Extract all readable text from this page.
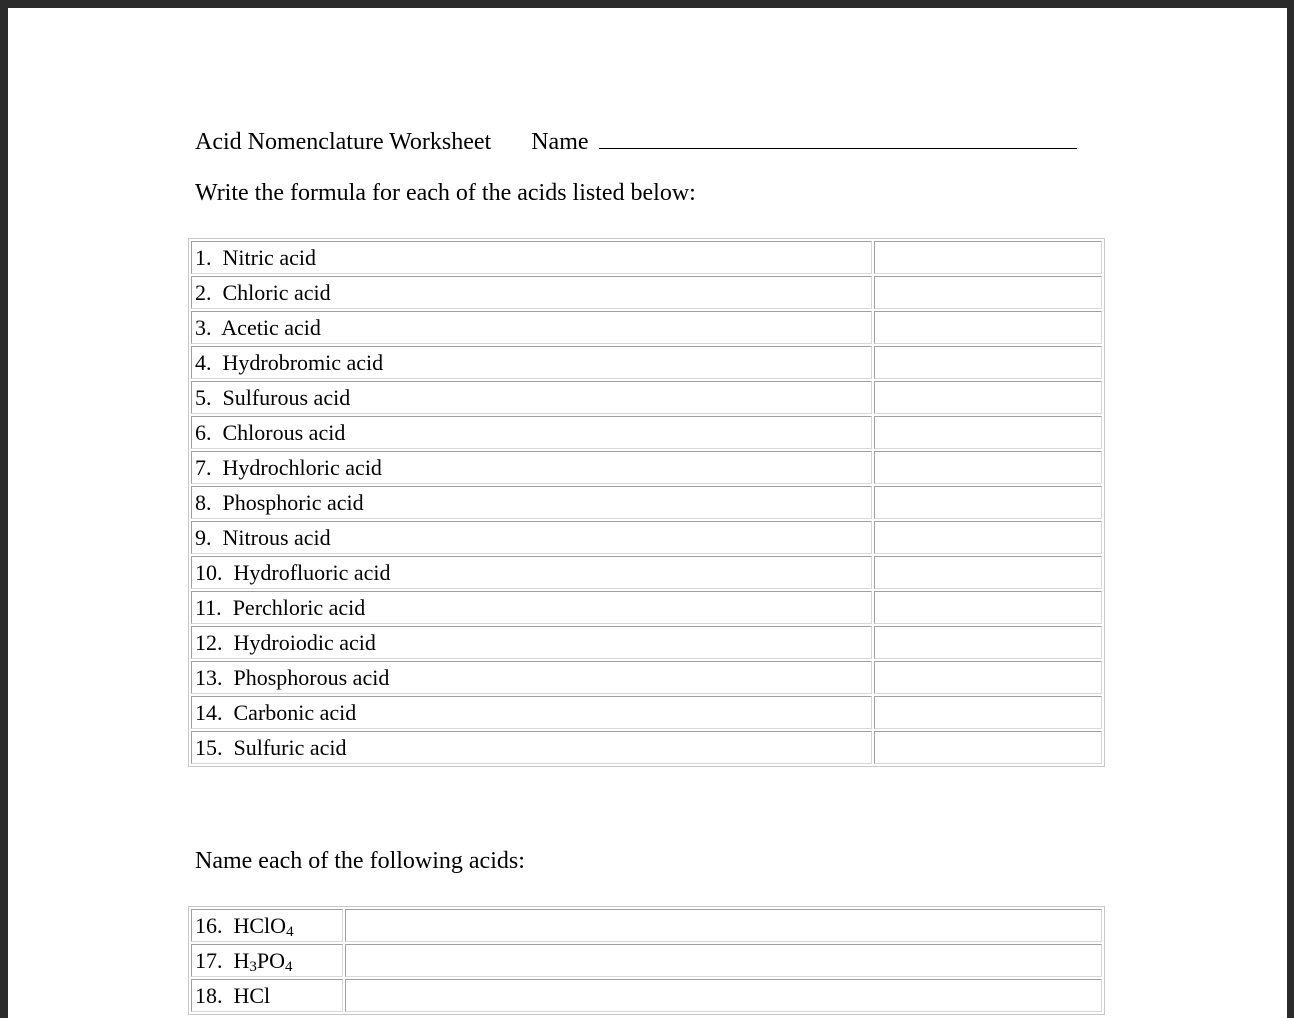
Acid Nomenclature Worksheet Name
Write the formula for each of the acids listed below:
1. Nitric acid	
2. Chloric acid	
3. Acetic acid	
4. Hydrobromic acid	
5. Sulfurous acid	
6. Chlorous acid	
7. Hydrochloric acid	
8. Phosphoric acid	
9. Nitrous acid	
10. Hydrofluoric acid	
11. Perchloric acid	
12. Hydroiodic acid	
13. Phosphorous acid	
14. Carbonic acid	
15. Sulfuric acid	
Name each of the following acids:
16. HClO$_4$	
17. $H_3PO_4$	
18. HCl	
